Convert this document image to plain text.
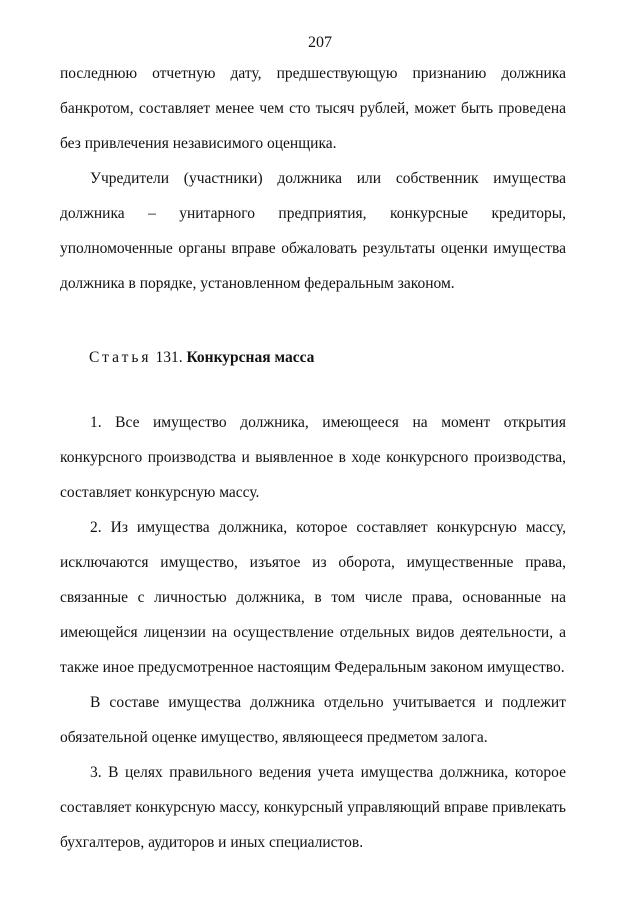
207

последнюю отчетную дату, предшествующую признанию должника банкротом, составляет менее чем сто тысяч рублей, может быть проведена без привлечения независимого оценщика.

Учредители (участники) должника или собственник имущества должника – унитарного предприятия, конкурсные кредиторы, уполномоченные органы вправе обжаловать результаты оценки имущества должника в порядке, установленном федеральным законом.

Статья 131. Конкурсная масса

1. Все имущество должника, имеющееся на момент открытия конкурсного производства и выявленное в ходе конкурсного производства, составляет конкурсную массу.

2. Из имущества должника, которое составляет конкурсную массу, исключаются имущество, изъятое из оборота, имущественные права, связанные с личностью должника, в том числе права, основанные на имеющейся лицензии на осуществление отдельных видов деятельности, а также иное предусмотренное настоящим Федеральным законом имущество.

В составе имущества должника отдельно учитывается и подлежит обязательной оценке имущество, являющееся предметом залога.

3. В целях правильного ведения учета имущества должника, которое составляет конкурсную массу, конкурсный управляющий вправе привлекать бухгалтеров, аудиторов и иных специалистов.
